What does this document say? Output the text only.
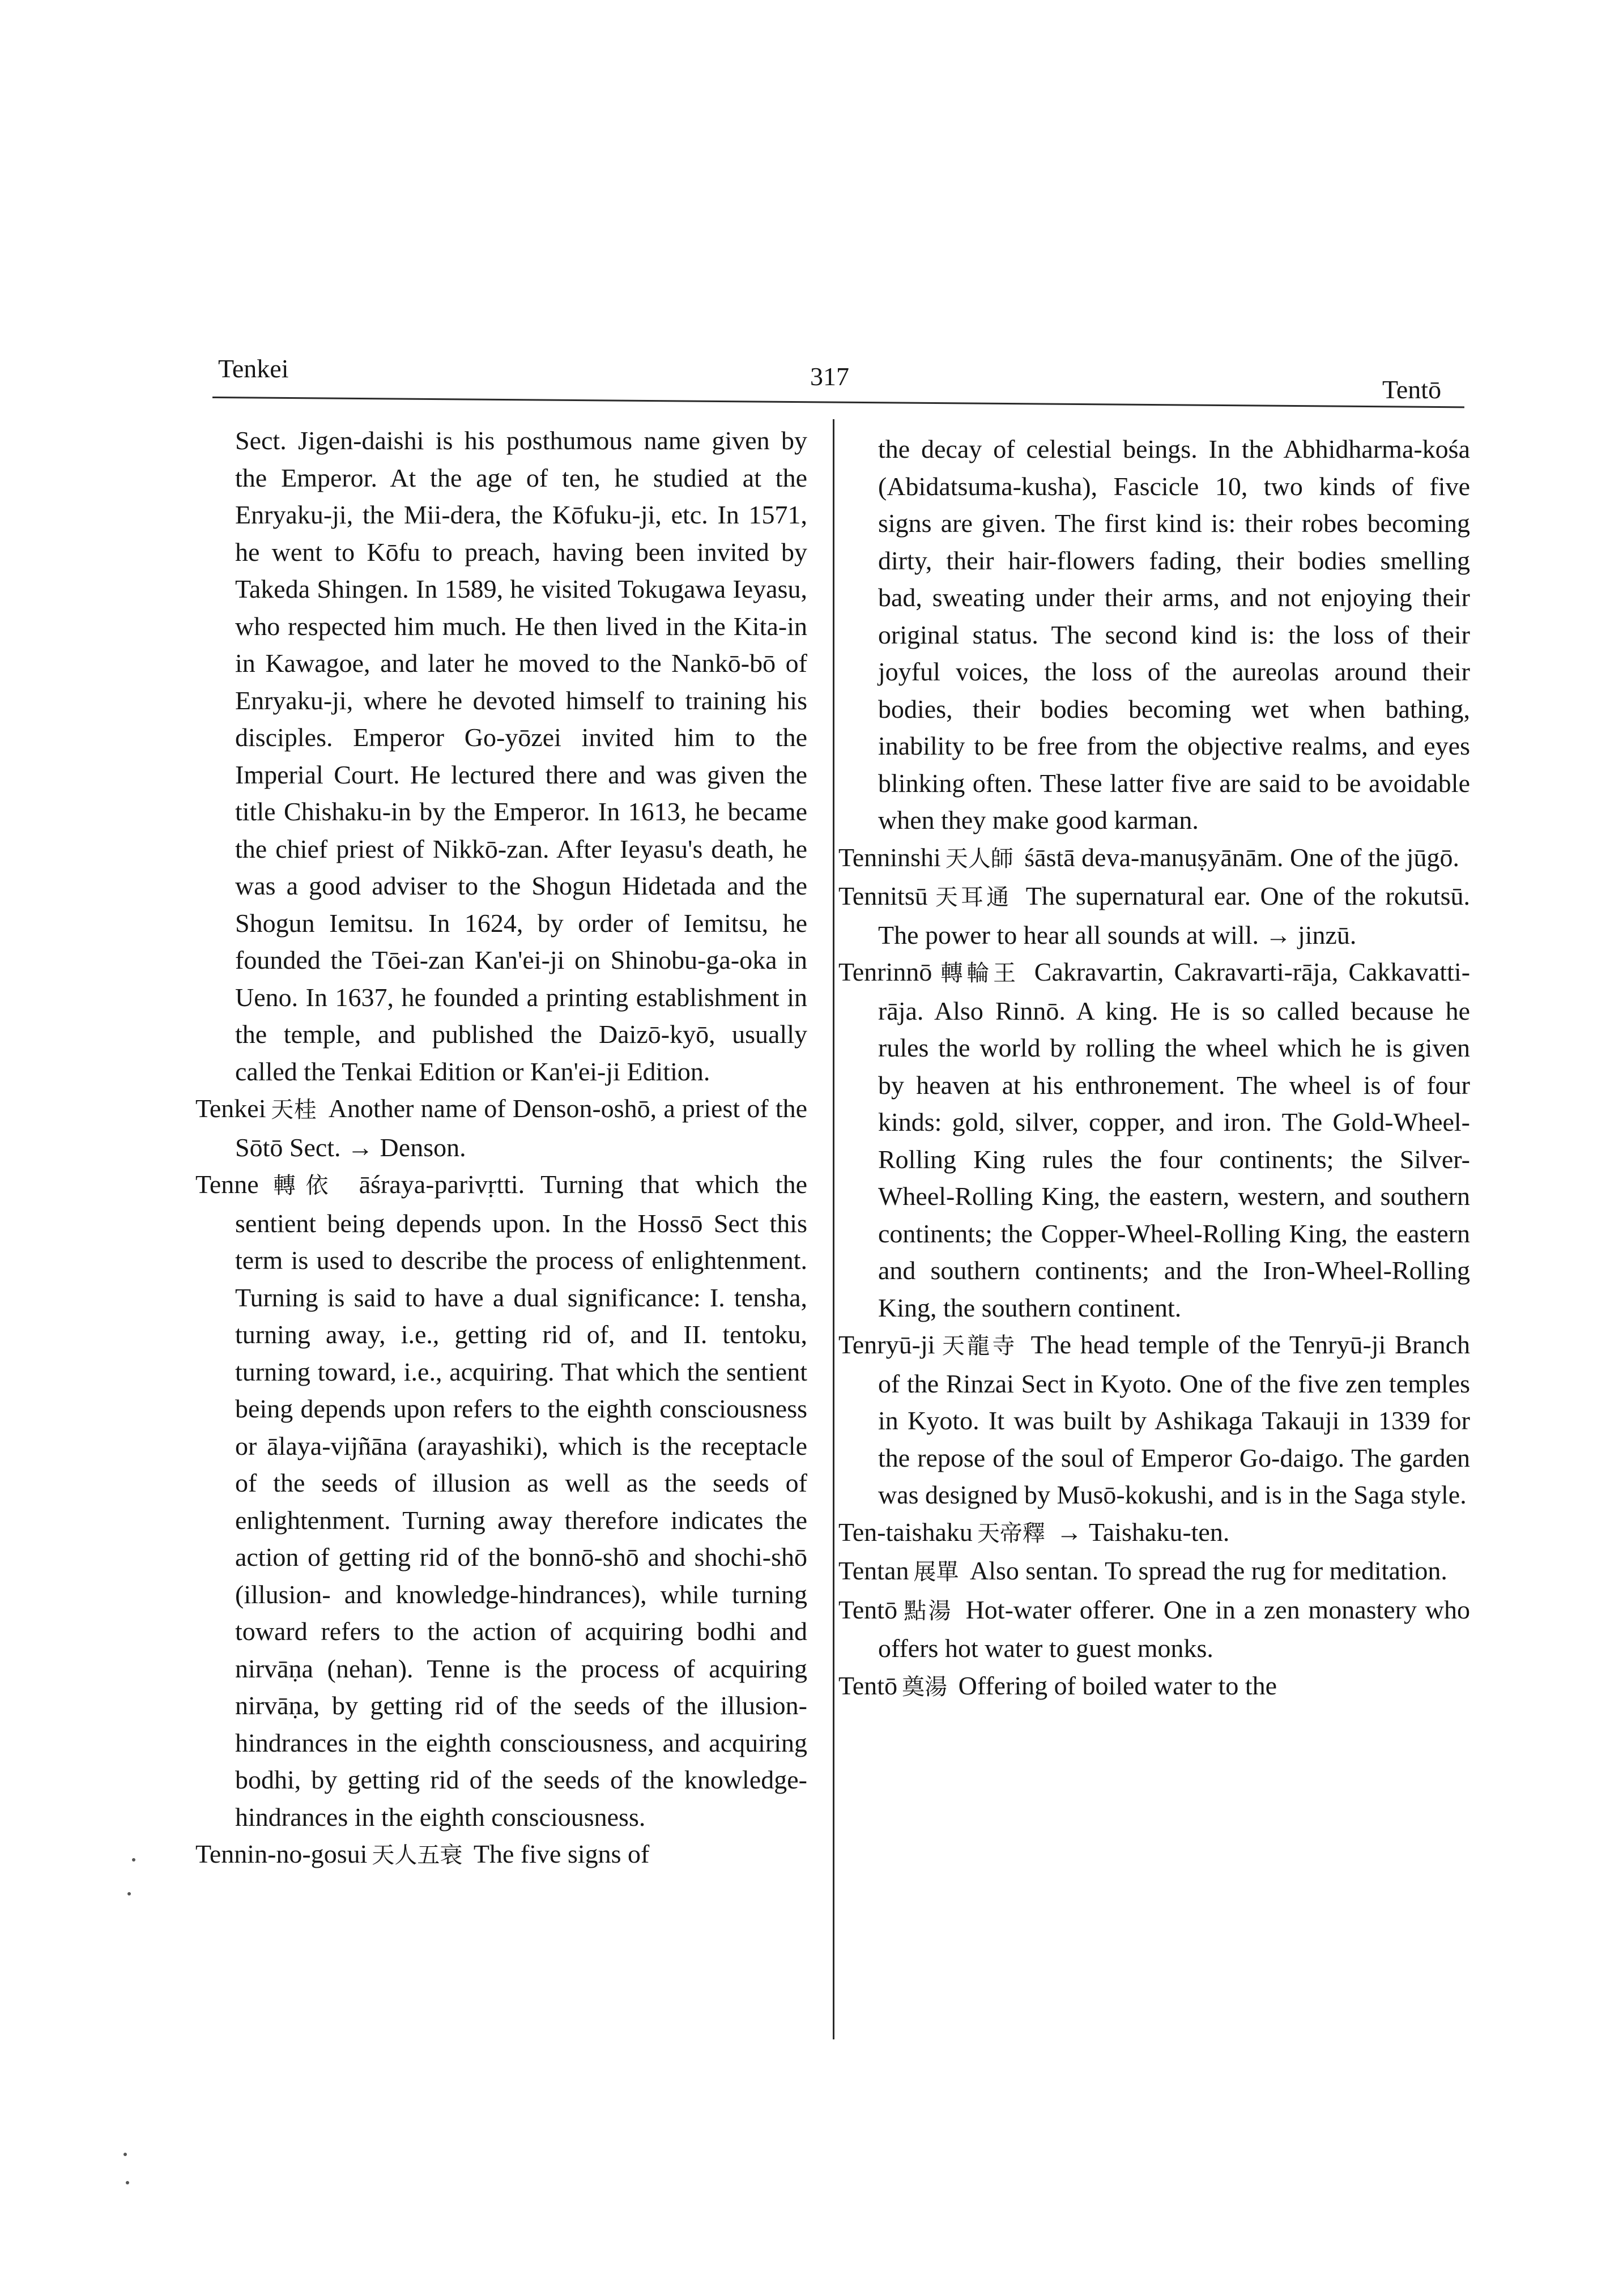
Tenkei	317	Tentō

Sect. Jigen-daishi is his posthumous name given by the Emperor. At the age of ten, he studied at the Enryaku-ji, the Mii-dera, the Kōfuku-ji, etc. In 1571, he went to Kōfu to preach, having been invited by Takeda Shingen. In 1589, he visited Tokugawa Ieyasu, who respected him much. He then lived in the Kita-in in Kawagoe, and later he moved to the Nankō-bō of Enryaku-ji, where he devoted himself to training his disciples. Emperor Go-yōzei invited him to the Imperial Court. He lectured there and was given the title Chishaku-in by the Emperor. In 1613, he became the chief priest of Nikkō-zan. After Ieyasu's death, he was a good adviser to the Shogun Hidetada and the Shogun Iemitsu. In 1624, by order of Iemitsu, he founded the Tōei-zan Kan'ei-ji on Shinobu-ga-oka in Ueno. In 1637, he founded a printing establishment in the temple, and published the Daizō-kyō, usually called the Tenkai Edition or Kan'ei-ji Edition.

Tenkei 天桂 Another name of Denson-oshō, a priest of the Sōtō Sect. → Denson.

Tenne 轉依 āśraya-parivṛtti. Turning that which the sentient being depends upon. In the Hossō Sect this term is used to describe the process of enlightenment. Turning is said to have a dual significance: I. tensha, turning away, i.e., getting rid of, and II. tentoku, turning toward, i.e., acquiring. That which the sentient being depends upon refers to the eighth consciousness or ālaya-vijñāna (arayashiki), which is the receptacle of the seeds of illusion as well as the seeds of enlightenment. Turning away therefore indicates the action of getting rid of the bonnō-shō and shochi-shō (illusion- and knowledge-hindrances), while turning toward refers to the action of acquiring bodhi and nirvāṇa (nehan). Tenne is the process of acquiring nirvāṇa, by getting rid of the seeds of the illusion-hindrances in the eighth consciousness, and acquiring bodhi, by getting rid of the seeds of the knowledge-hindrances in the eighth consciousness.

Tennin-no-gosui 天人五衰 The five signs of

the decay of celestial beings. In the Abhidharma-kośa (Abidatsuma-kusha), Fascicle 10, two kinds of five signs are given. The first kind is: their robes becoming dirty, their hair-flowers fading, their bodies smelling bad, sweating under their arms, and not enjoying their original status. The second kind is: the loss of their joyful voices, the loss of the aureolas around their bodies, their bodies becoming wet when bathing, inability to be free from the objective realms, and eyes blinking often. These latter five are said to be avoidable when they make good karman.

Tenninshi 天人師 śāstā deva-manuṣyānām. One of the jūgō.

Tennitsū 天耳通 The supernatural ear. One of the rokutsū. The power to hear all sounds at will. → jinzū.

Tenrinnō 轉輪王 Cakravartin, Cakravarti-rāja, Cakkavatti-rāja. Also Rinnō. A king. He is so called because he rules the world by rolling the wheel which he is given by heaven at his enthronement. The wheel is of four kinds: gold, silver, copper, and iron. The Gold-Wheel-Rolling King rules the four continents; the Silver-Wheel-Rolling King, the eastern, western, and southern continents; the Copper-Wheel-Rolling King, the eastern and southern continents; and the Iron-Wheel-Rolling King, the southern continent.

Tenryū-ji 天龍寺 The head temple of the Tenryū-ji Branch of the Rinzai Sect in Kyoto. One of the five zen temples in Kyoto. It was built by Ashikaga Takauji in 1339 for the repose of the soul of Emperor Go-daigo. The garden was designed by Musō-kokushi, and is in the Saga style.

Ten-taishaku 天帝釋 → Taishaku-ten.

Tentan 展單 Also sentan. To spread the rug for meditation.

Tentō 點湯 Hot-water offerer. One in a zen monastery who offers hot water to guest monks.

Tentō 奠湯 Offering of boiled water to the
